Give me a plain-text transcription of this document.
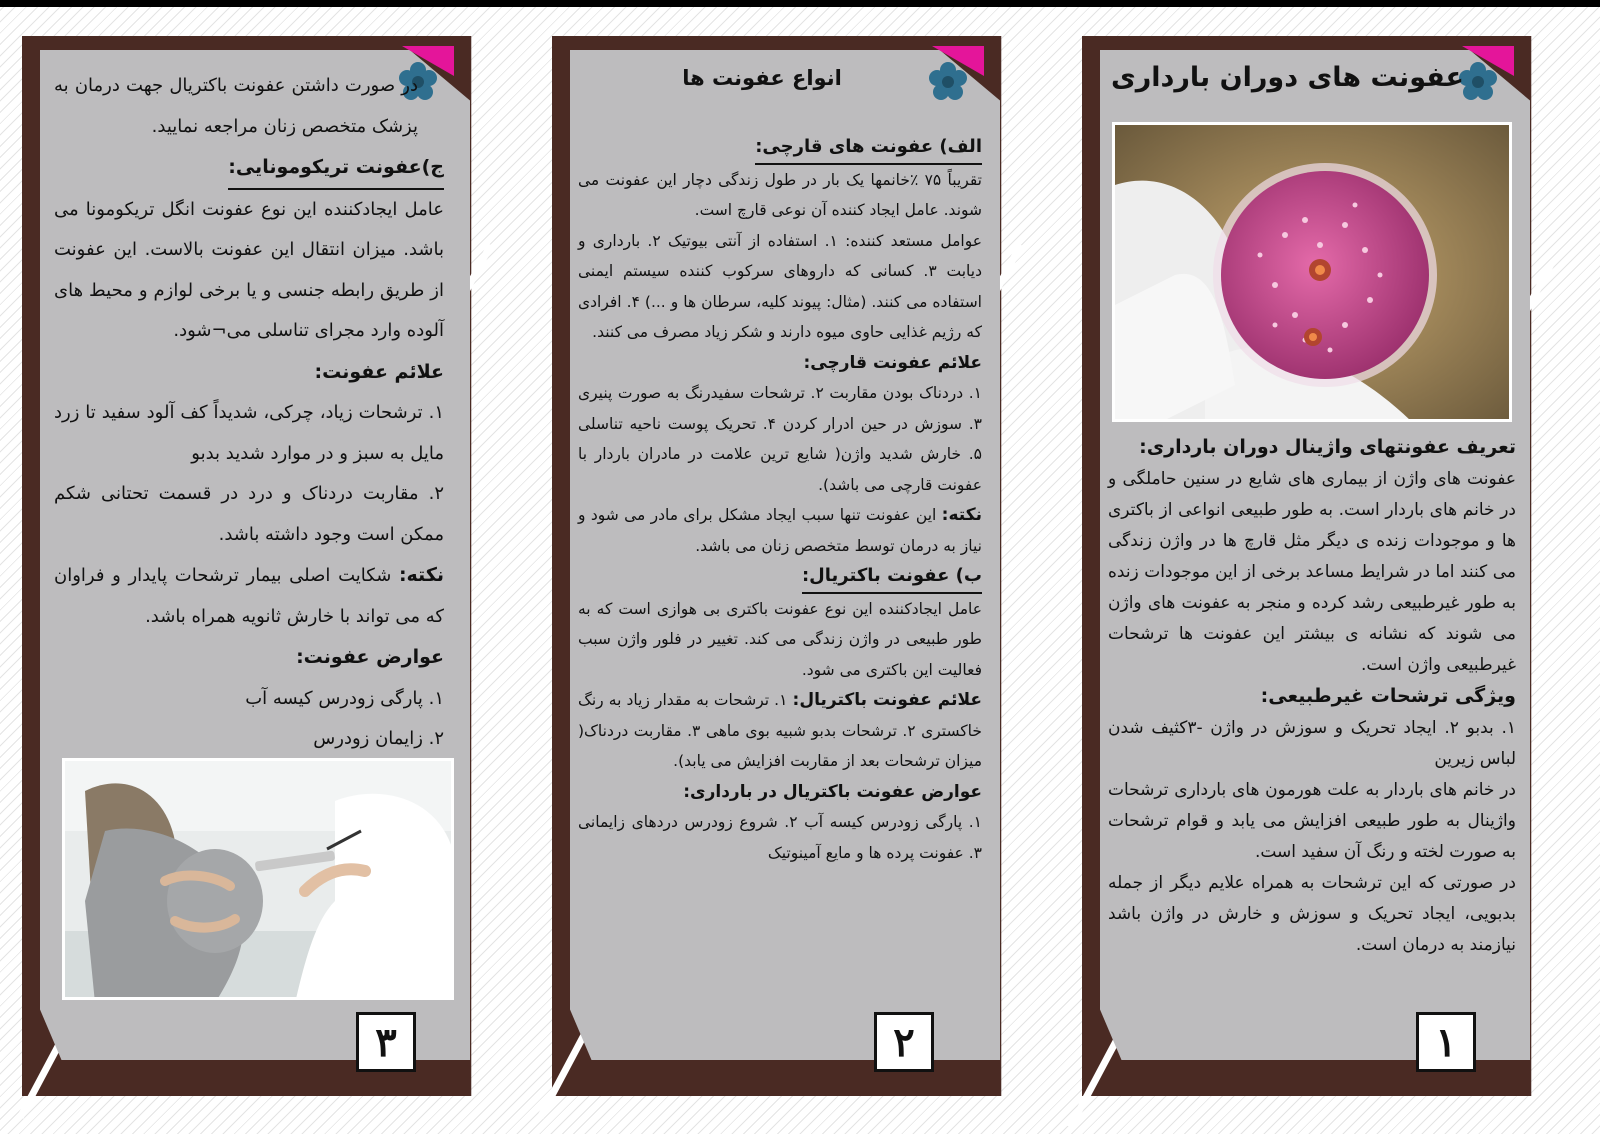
عفونت های دوران بارداری

تعریف عفونتهای واژینال دوران بارداری:

عفونت های واژن از بیماری های شایع در سنین حاملگی و در خانم های باردار است. به طور طبیعی انواعی از باکتری ها و موجودات زنده ی دیگر مثل قارچ ها در واژن زندگی می کنند اما در شرایط مساعد برخی از این موجودات زنده به طور غیرطبیعی رشد کرده و منجر به عفونت های واژن می شوند که نشانه ی بیشتر این عفونت ها ترشحات غیرطبیعی واژن است.

ویژگی ترشحات غیرطبیعی:

۱. بدبو ۲. ایجاد تحریک و سوزش در واژن -۳کثیف شدن لباس زیرین

در خانم های باردار به علت هورمون های بارداری ترشحات واژینال به طور طبیعی افزایش می یابد و قوام ترشحات به صورت لخته و رنگ آن سفید است.

در صورتی که این ترشحات به همراه علایم دیگر از جمله بدبویی، ایجاد تحریک و سوزش و خارش در واژن باشد نیازمند به درمان است.

۱
انواع عفونت ها

الف) عفونت های قارچی:

تقریباً ۷۵ ٪خانمها یک بار در طول زندگی دچار این عفونت می شوند. عامل ایجاد کننده آن نوعی قارچ است.

عوامل مستعد کننده: ۱. استفاده از آنتی بیوتیک ۲. بارداری و دیابت ۳. کسانی که داروهای سرکوب کننده سیستم ایمنی استفاده می کنند. (مثال: پیوند کلیه، سرطان ها و ...) ۴. افرادی که رژیم غذایی حاوی میوه دارند و شکر زیاد مصرف می کنند.

علائم عفونت قارچی:

۱. دردناک بودن مقاربت ۲. ترشحات سفیدرنگ به صورت پنیری ۳. سوزش در حین ادرار کردن ۴. تحریک پوست ناحیه تناسلی ۵. خارش شدید واژن( شایع ترین علامت در مادران باردار با عفونت قارچی می باشد).

نکته: این عفونت تنها سبب ایجاد مشکل برای مادر می شود و نیاز به درمان توسط متخصص زنان می باشد.

ب) عفونت باکتریال:

عامل ایجادکننده این نوع عفونت باکتری بی هوازی است که به طور طبیعی در واژن زندگی می کند. تغییر در فلور واژن سبب فعالیت این باکتری می شود.

علائم عفونت باکتریال: ۱. ترشحات به مقدار زیاد به رنگ خاکستری ۲. ترشحات بدبو شبیه بوی ماهی ۳. مقاربت دردناک( میزان ترشحات بعد از مقاربت افزایش می یابد).

عوارض عفونت باکتریال در بارداری:

۱. پارگی زودرس کیسه آب ۲. شروع زودرس دردهای زایمانی ۳. عفونت پرده ها و مایع آمینوتیک

۲

در صورت داشتن عفونت باکتریال جهت درمان به پزشک متخصص زنان مراجعه نمایید.

ج)عفونت تریکومونایی:

عامل ایجادکننده این نوع عفونت انگل تریکومونا می باشد. میزان انتقال این عفونت بالاست. این عفونت از طریق رابطه جنسی و یا برخی لوازم و محیط های آلوده وارد مجرای تناسلی می¬شود.

علائم عفونت:

۱. ترشحات زیاد، چرکی، شدیداً کف آلود سفید تا زرد مایل به سبز و در موارد شدید بدبو

۲. مقاربت دردناک و درد در قسمت تحتانی شکم ممکن است وجود داشته باشد.

نکته: شکایت اصلی بیمار ترشحات پایدار و فراوان که می تواند با خارش ثانویه همراه باشد.

عوارض عفونت:

۱. پارگی زودرس کیسه آب

۲. زایمان زودرس

۳
